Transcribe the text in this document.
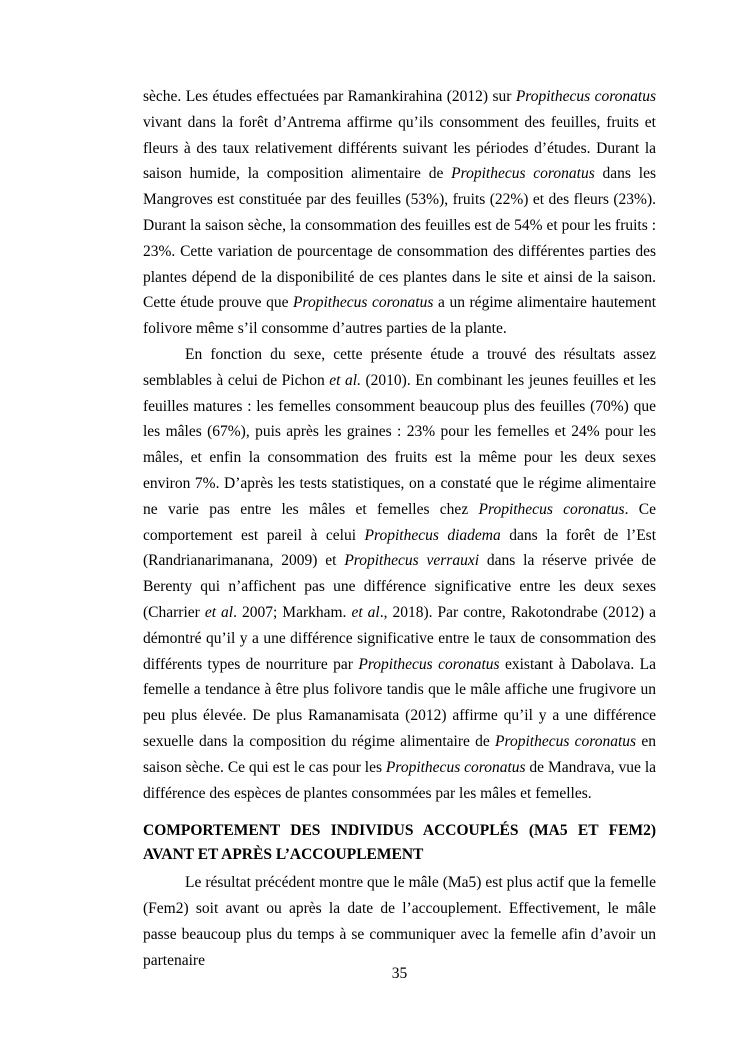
sèche. Les études effectuées par Ramankirahina (2012) sur Propithecus coronatus vivant dans la forêt d’Antrema affirme qu’ils consomment des feuilles, fruits et fleurs à des taux relativement différents suivant les périodes d’études. Durant la saison humide, la composition alimentaire de Propithecus coronatus dans les Mangroves est constituée par des feuilles (53%), fruits (22%) et des fleurs (23%). Durant la saison sèche, la consommation des feuilles est de 54% et pour les fruits : 23%. Cette variation de pourcentage de consommation des différentes parties des plantes dépend de la disponibilité de ces plantes dans le site et ainsi de la saison. Cette étude prouve que Propithecus coronatus a un régime alimentaire hautement folivore même s’il consomme d’autres parties de la plante.

En fonction du sexe, cette présente étude a trouvé des résultats assez semblables à celui de Pichon et al. (2010). En combinant les jeunes feuilles et les feuilles matures : les femelles consomment beaucoup plus des feuilles (70%) que les mâles (67%), puis après les graines : 23% pour les femelles et 24% pour les mâles, et enfin la consommation des fruits est la même pour les deux sexes environ 7%. D’après les tests statistiques, on a constaté que le régime alimentaire ne varie pas entre les mâles et femelles chez Propithecus coronatus. Ce comportement est pareil à celui Propithecus diadema dans la forêt de l’Est (Randrianarimanana, 2009) et Propithecus verrauxi dans la réserve privée de Berenty qui n’affichent pas une différence significative entre les deux sexes (Charrier et al. 2007; Markham. et al., 2018). Par contre, Rakotondrabe (2012) a démontré qu’il y a une différence significative entre le taux de consommation des différents types de nourriture par Propithecus coronatus existant à Dabolava. La femelle a tendance à être plus folivore tandis que le mâle affiche une frugivore un peu plus élevée. De plus Ramanamisata (2012) affirme qu’il y a une différence sexuelle dans la composition du régime alimentaire de Propithecus coronatus en saison sèche. Ce qui est le cas pour les Propithecus coronatus de Mandrava, vue la différence des espèces de plantes consommées par les mâles et femelles.

COMPORTEMENT DES INDIVIDUS ACCOUPLÉS (MA5 ET FEM2) AVANT ET APRÈS L’ACCOUPLEMENT

Le résultat précédent montre que le mâle (Ma5) est plus actif que la femelle (Fem2) soit avant ou après la date de l’accouplement. Effectivement, le mâle passe beaucoup plus du temps à se communiquer avec la femelle afin d’avoir un partenaire

35
